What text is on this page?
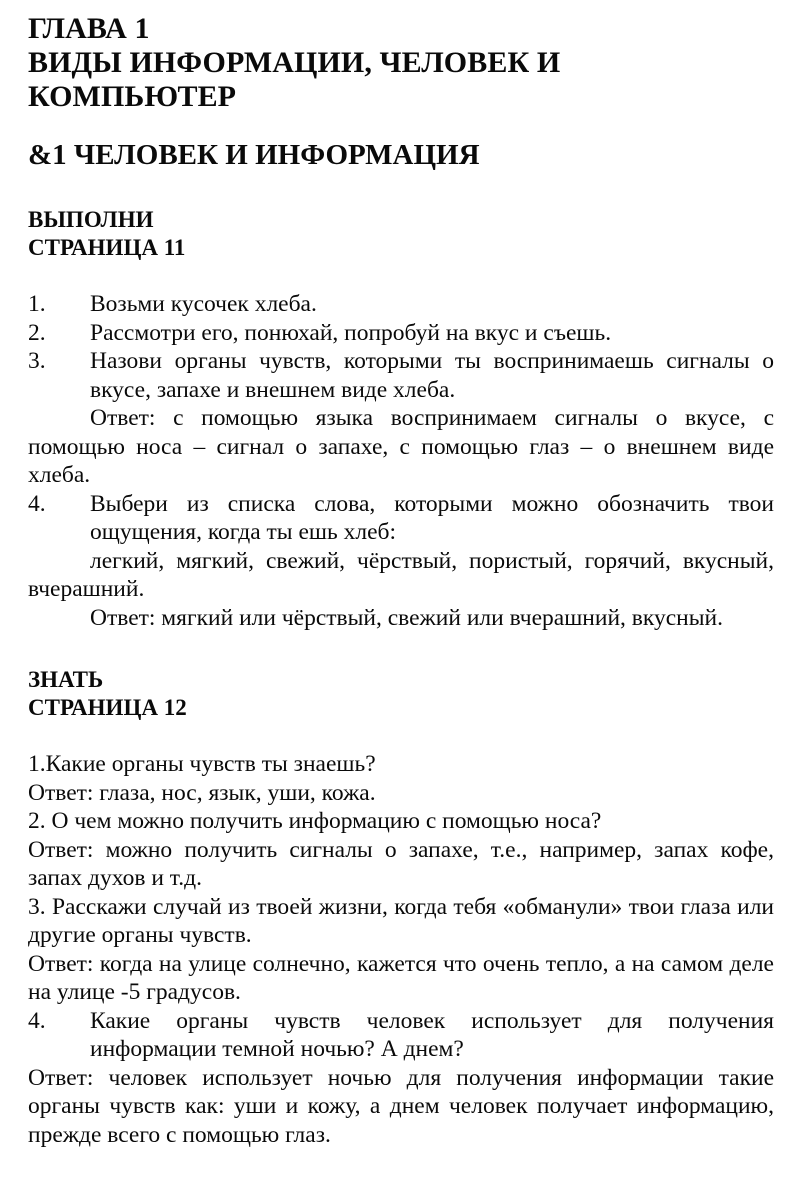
ГЛАВА 1
ВИДЫ ИНФОРМАЦИИ, ЧЕЛОВЕК И
КОМПЬЮТЕР
&1 ЧЕЛОВЕК И ИНФОРМАЦИЯ
ВЫПОЛНИ
СТРАНИЦА 11

1. Возьми кусочек хлеба.

2. Рассмотри его, понюхай, попробуй на вкус и съешь.

3. Назови органы чувств, которыми ты воспринимаешь сигналы о вкусе, запахе и внешнем виде хлеба.

Ответ: с помощью языка воспринимаем сигналы о вкусе, с помощью носа – сигнал о запахе, с помощью глаз – о внешнем виде хлеба.

4. Выбери из списка слова, которыми можно обозначить твои ощущения, когда ты ешь хлеб:

легкий, мягкий, свежий, чёрствый, пористый, горячий, вкусный, вчерашний.

Ответ: мягкий или чёрствый, свежий или вчерашний, вкусный.

ЗНАТЬ
СТРАНИЦА 12

1.Какие органы чувств ты знаешь?

Ответ: глаза, нос, язык, уши, кожа.

2. О чем можно получить информацию с помощью носа?

Ответ: можно получить сигналы о запахе, т.е., например, запах кофе, запах духов и т.д.

3. Расскажи случай из твоей жизни, когда тебя «обманули» твои глаза или другие органы чувств.

Ответ: когда на улице солнечно, кажется что очень тепло, а на самом деле на улице -5 градусов.

4. Какие органы чувств человек использует для получения информации темной ночью? А днем?

Ответ: человек использует ночью для получения информации такие органы чувств как: уши и кожу, а днем человек получает информацию, прежде всего с помощью глаз.
